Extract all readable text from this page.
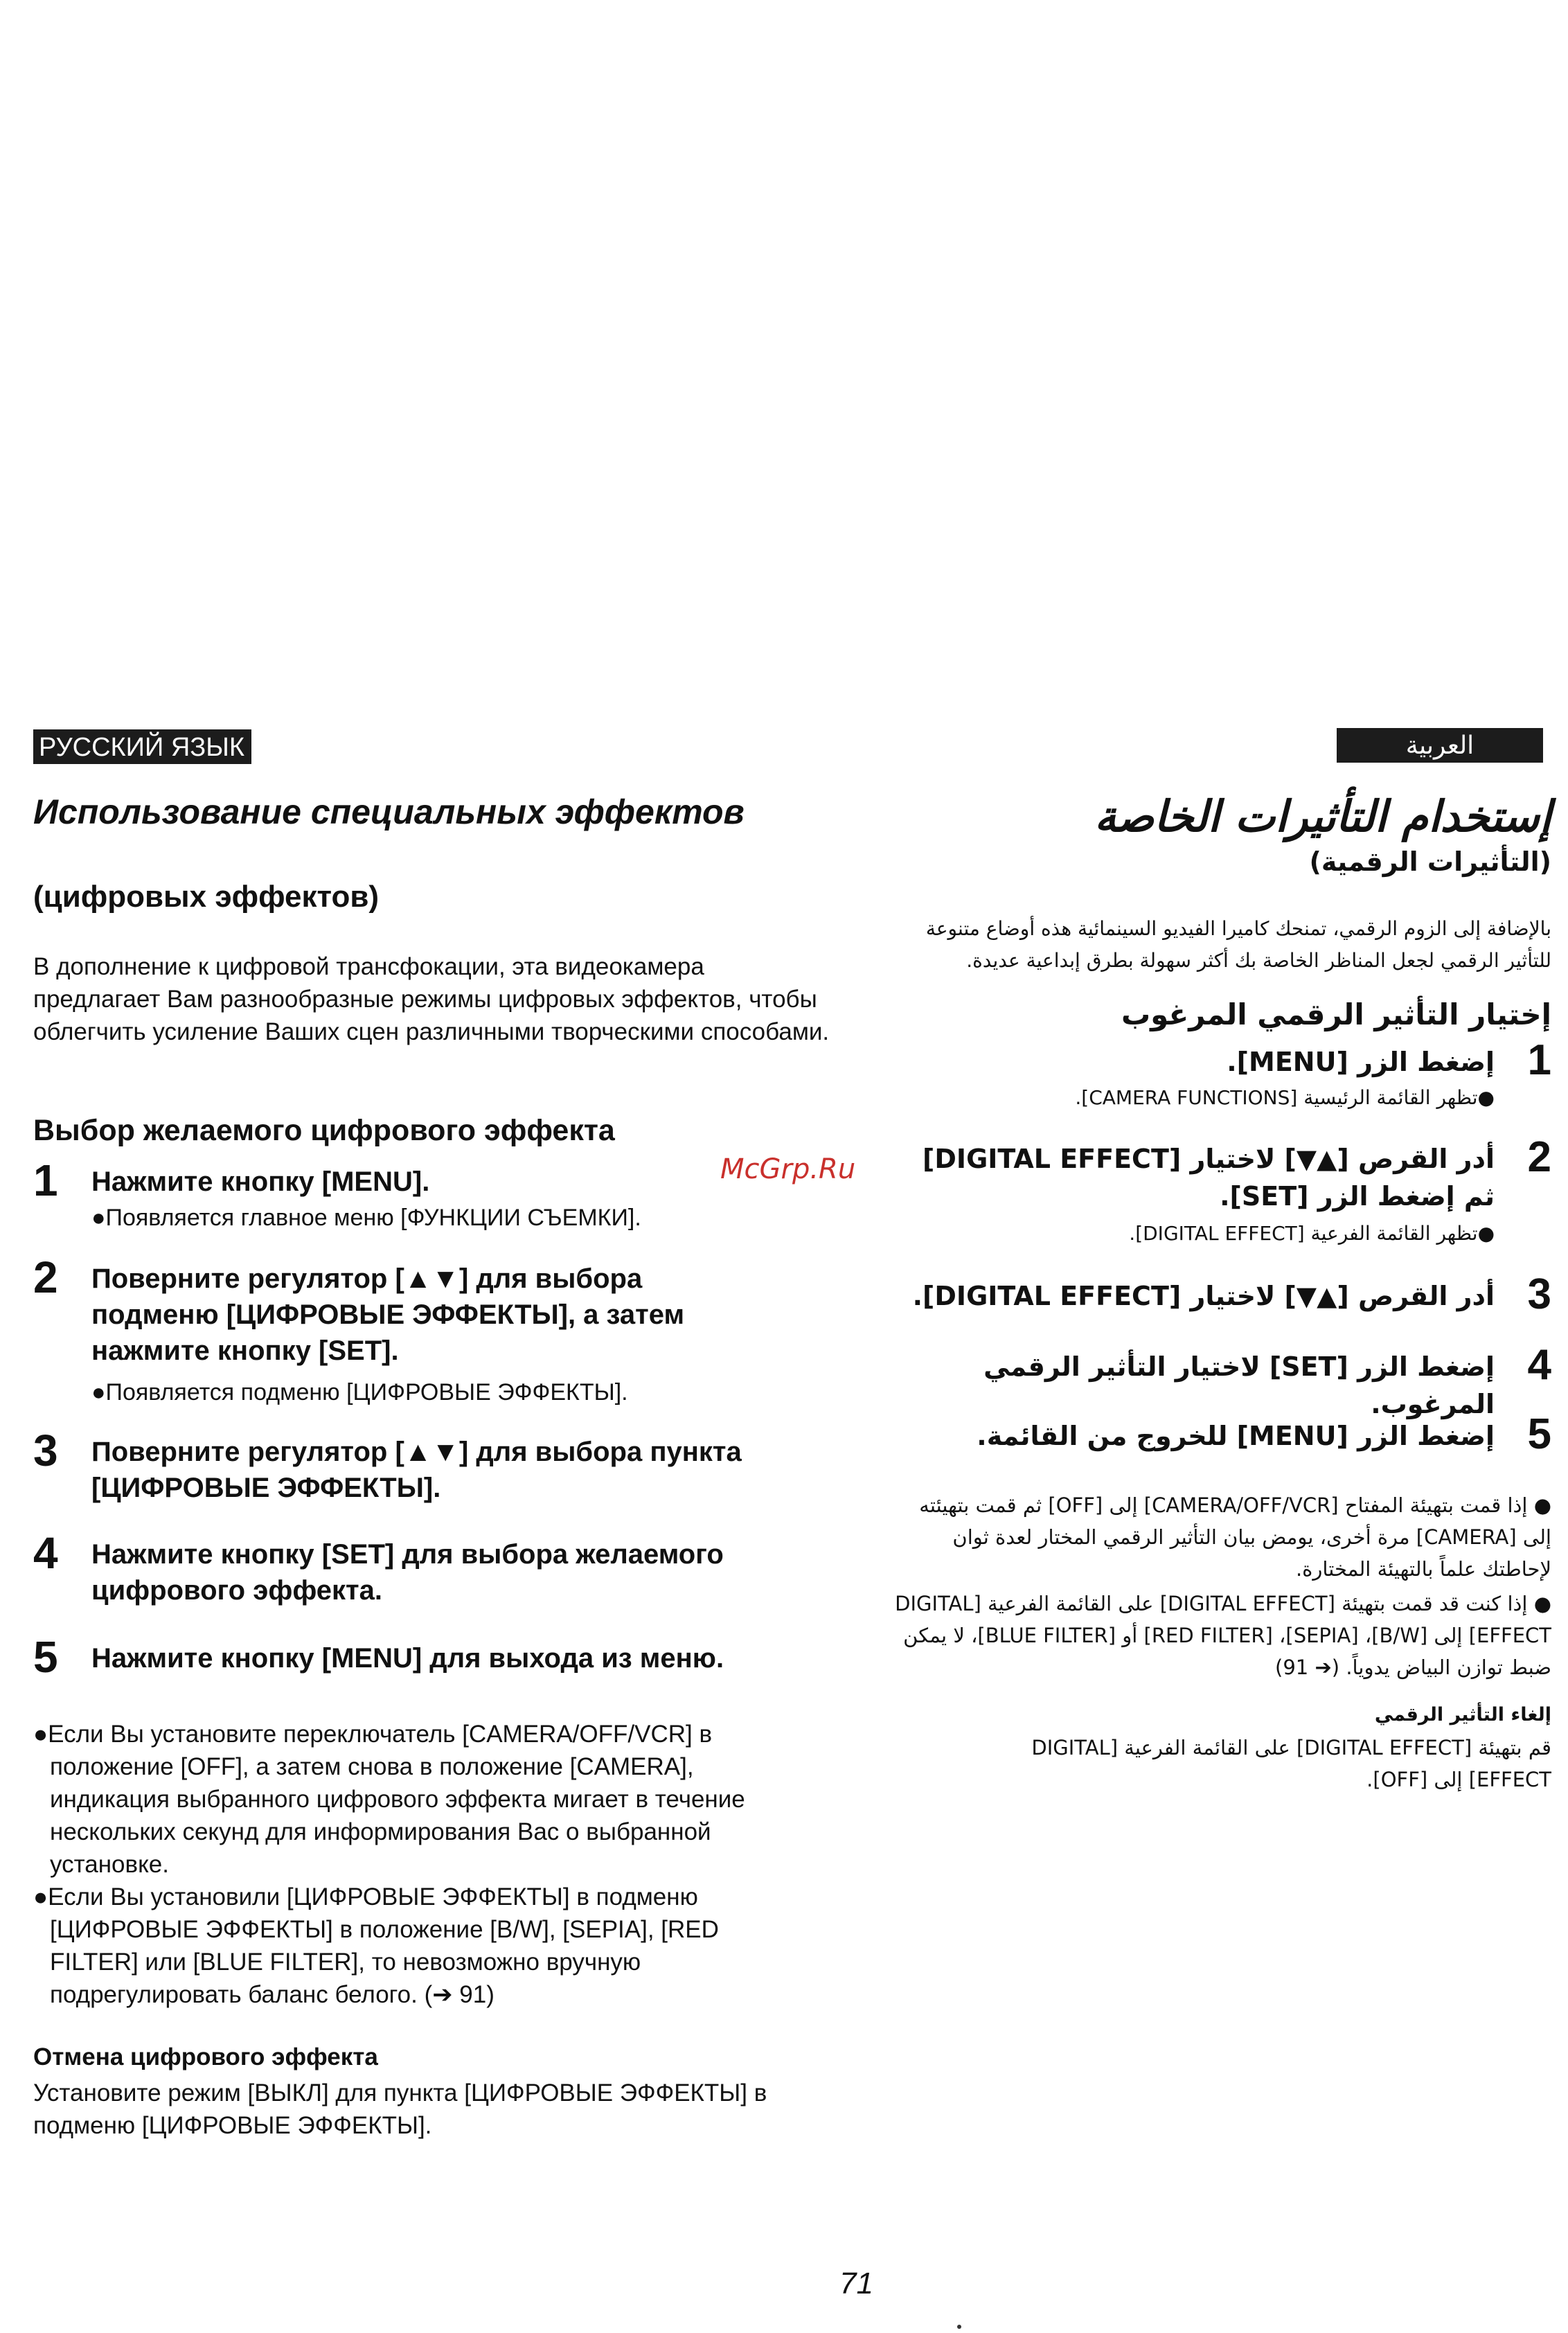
РУССКИЙ ЯЗЫК
Использование специальных эффектов
(цифровых эффектов)
В дополнение к цифровой трансфокации, эта видеокамера предлагает Вам разнообразные режимы цифровых эффектов, чтобы облегчить усиление Ваших сцен различными творческими способами.
Выбор желаемого цифрового эффекта
McGrp.Ru
1 Нажмите кнопку [MENU].
●Появляется главное меню [ФУНКЦИИ СЪЕМКИ].
2 Поверните регулятор [▲▼] для выбора подменю [ЦИФРОВЫЕ ЭФФЕКТЫ], а затем нажмите кнопку [SET].
●Появляется подменю [ЦИФРОВЫЕ ЭФФЕКТЫ].
3 Поверните регулятор [▲▼] для выбора пункта [ЦИФРОВЫЕ ЭФФЕКТЫ].
4 Нажмите кнопку [SET] для выбора желаемого цифрового эффекта.
5 Нажмите кнопку [MENU] для выхода из меню.

●Если Вы установите переключатель [CAMERA/OFF/VCR] в положение [OFF], а затем снова в положение [CAMERA], индикация выбранного цифрового эффекта мигает в течение нескольких секунд для информирования Вас о выбранной установке.

●Если Вы установили [ЦИФРОВЫЕ ЭФФЕКТЫ] в подменю [ЦИФРОВЫЕ ЭФФЕКТЫ] в положение [B/W], [SEPIA], [RED FILTER] или [BLUE FILTER], то невозможно вручную подрегулировать баланс белого. (➔ 91)

Отмена цифрового эффекта
Установите режим [ВЫКЛ] для пункта [ЦИФРОВЫЕ ЭФФЕКТЫ] в подменю [ЦИФРОВЫЕ ЭФФЕКТЫ].
العربية
إستخدام التأثيرات الخاصة
(التأثيرات الرقمية)
بالإضافة إلى الزوم الرقمي، تمنحك كاميرا الفيديو السينمائية هذه أوضاع متنوعة للتأثير الرقمي لجعل المناظر الخاصة بك أكثر سهولة بطرق إبداعية عديدة.
إختيار التأثير الرقمي المرغوب
1
إضغط الزر [MENU].
●تظهر القائمة الرئيسية [CAMERA FUNCTIONS].
2
أدر القرص [▲▼] لاختيار [DIGITAL EFFECT] ثم إضغط الزر [SET].
●تظهر القائمة الفرعية [DIGITAL EFFECT].
3
أدر القرص [▲▼] لاختيار [DIGITAL EFFECT].
4
إضغط الزر [SET] لاختيار التأثير الرقمي المرغوب.
5
إضغط الزر [MENU] للخروج من القائمة.

● إذا قمت بتهيئة المفتاح [CAMERA/OFF/VCR] إلى [OFF] ثم قمت بتهيئته إلى [CAMERA] مرة أخرى، يومض بيان التأثير الرقمي المختار لعدة ثوان لإحاطتك علماً بالتهيئة المختارة.

● إذا كنت قد قمت بتهيئة [DIGITAL EFFECT] على القائمة الفرعية [DIGITAL EFFECT] إلى [B/W]، [SEPIA]، [RED FILTER] أو [BLUE FILTER]، لا يمكن ضبط توازن البياض يدوياً. (➔ 91)

إلغاء التأثير الرقمي
قم بتهيئة [DIGITAL EFFECT] على القائمة الفرعية [DIGITAL EFFECT] إلى [OFF].
71
